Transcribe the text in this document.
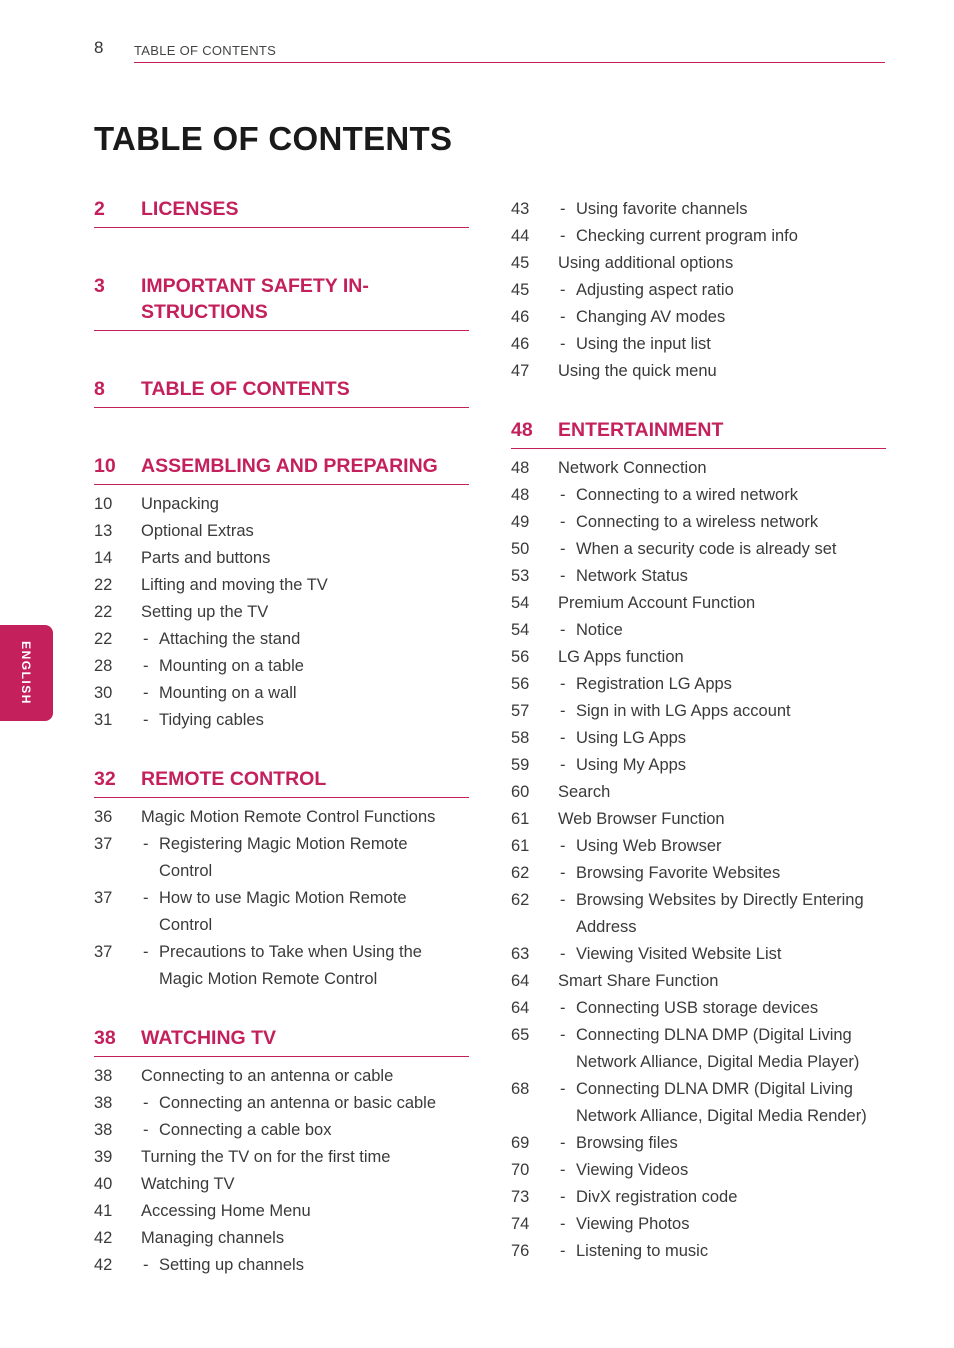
8 TABLE OF CONTENTS
TABLE OF CONTENTS
ENGLISH
2	LICENSES
3	IMPORTANT SAFETY IN-
STRUCTIONS
8	TABLE OF CONTENTS
10	ASSEMBLING AND PREPARING
10	Unpacking
13	Optional Extras
14	Parts and buttons
22	Lifting and moving the TV
22	Setting up the TV
22	- Attaching the stand
28	- Mounting on a table
30	- Mounting on a wall
31	- Tidying cables
32	REMOTE CONTROL
36	Magic Motion Remote Control Functions
37	- Registering Magic Motion Remote
Control
37	- How to use Magic Motion Remote
Control
37	- Precautions to Take when Using the
Magic Motion Remote Control
38	WATCHING TV
38	Connecting to an antenna or cable
38	- Connecting an antenna or basic cable
38	- Connecting a cable box
39	Turning the TV on for the first time
40	Watching TV
41	Accessing Home Menu
42	Managing channels
42	- Setting up channels
43	- Using favorite channels
44	- Checking current program info
45	Using additional options
45	- Adjusting aspect ratio
46	- Changing AV modes
46	- Using the input list
47	Using the quick menu
48	ENTERTAINMENT
48	Network Connection
48	- Connecting to a wired network
49	- Connecting to a wireless network
50	- When a security code is already set
53	- Network Status
54	Premium Account Function
54	- Notice
56	LG Apps function
56	- Registration LG Apps
57	- Sign in with LG Apps account
58	- Using LG Apps
59	- Using My Apps
60	Search
61	Web Browser Function
61	- Using Web Browser
62	- Browsing Favorite Websites
62	- Browsing Websites by Directly Entering
Address
63	- Viewing Visited Website List
64	Smart Share Function
64	- Connecting USB storage devices
65	- Connecting DLNA DMP (Digital Living
Network Alliance, Digital Media Player)
68	- Connecting DLNA DMR (Digital Living
Network Alliance, Digital Media Render)
69	- Browsing files
70	- Viewing Videos
73	- DivX registration code
74	- Viewing Photos
76	- Listening to music
